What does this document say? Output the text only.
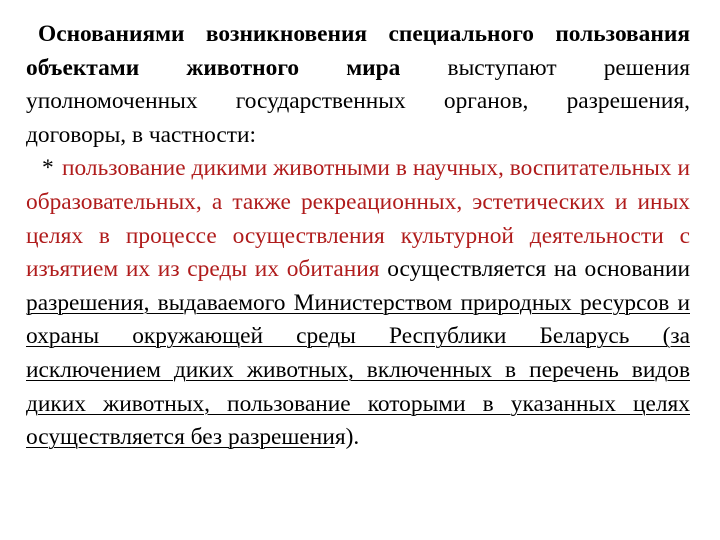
Основаниями возникновения специального пользования объектами животного мира выступают решения уполномоченных государственных органов, разрешения, договоры, в частности:

* пользование дикими животными в научных, воспитательных и образовательных, а также рекреационных, эстетических и иных целях в процессе осуществления культурной деятельности с изъятием их из среды их обитания осуществляется на основании разрешения, выдаваемого Министерством природных ресурсов и охраны окружающей среды Республики Беларусь (за исключением диких животных, включенных в перечень видов диких животных, пользование которыми в указанных целях осуществляется без разрешения).
